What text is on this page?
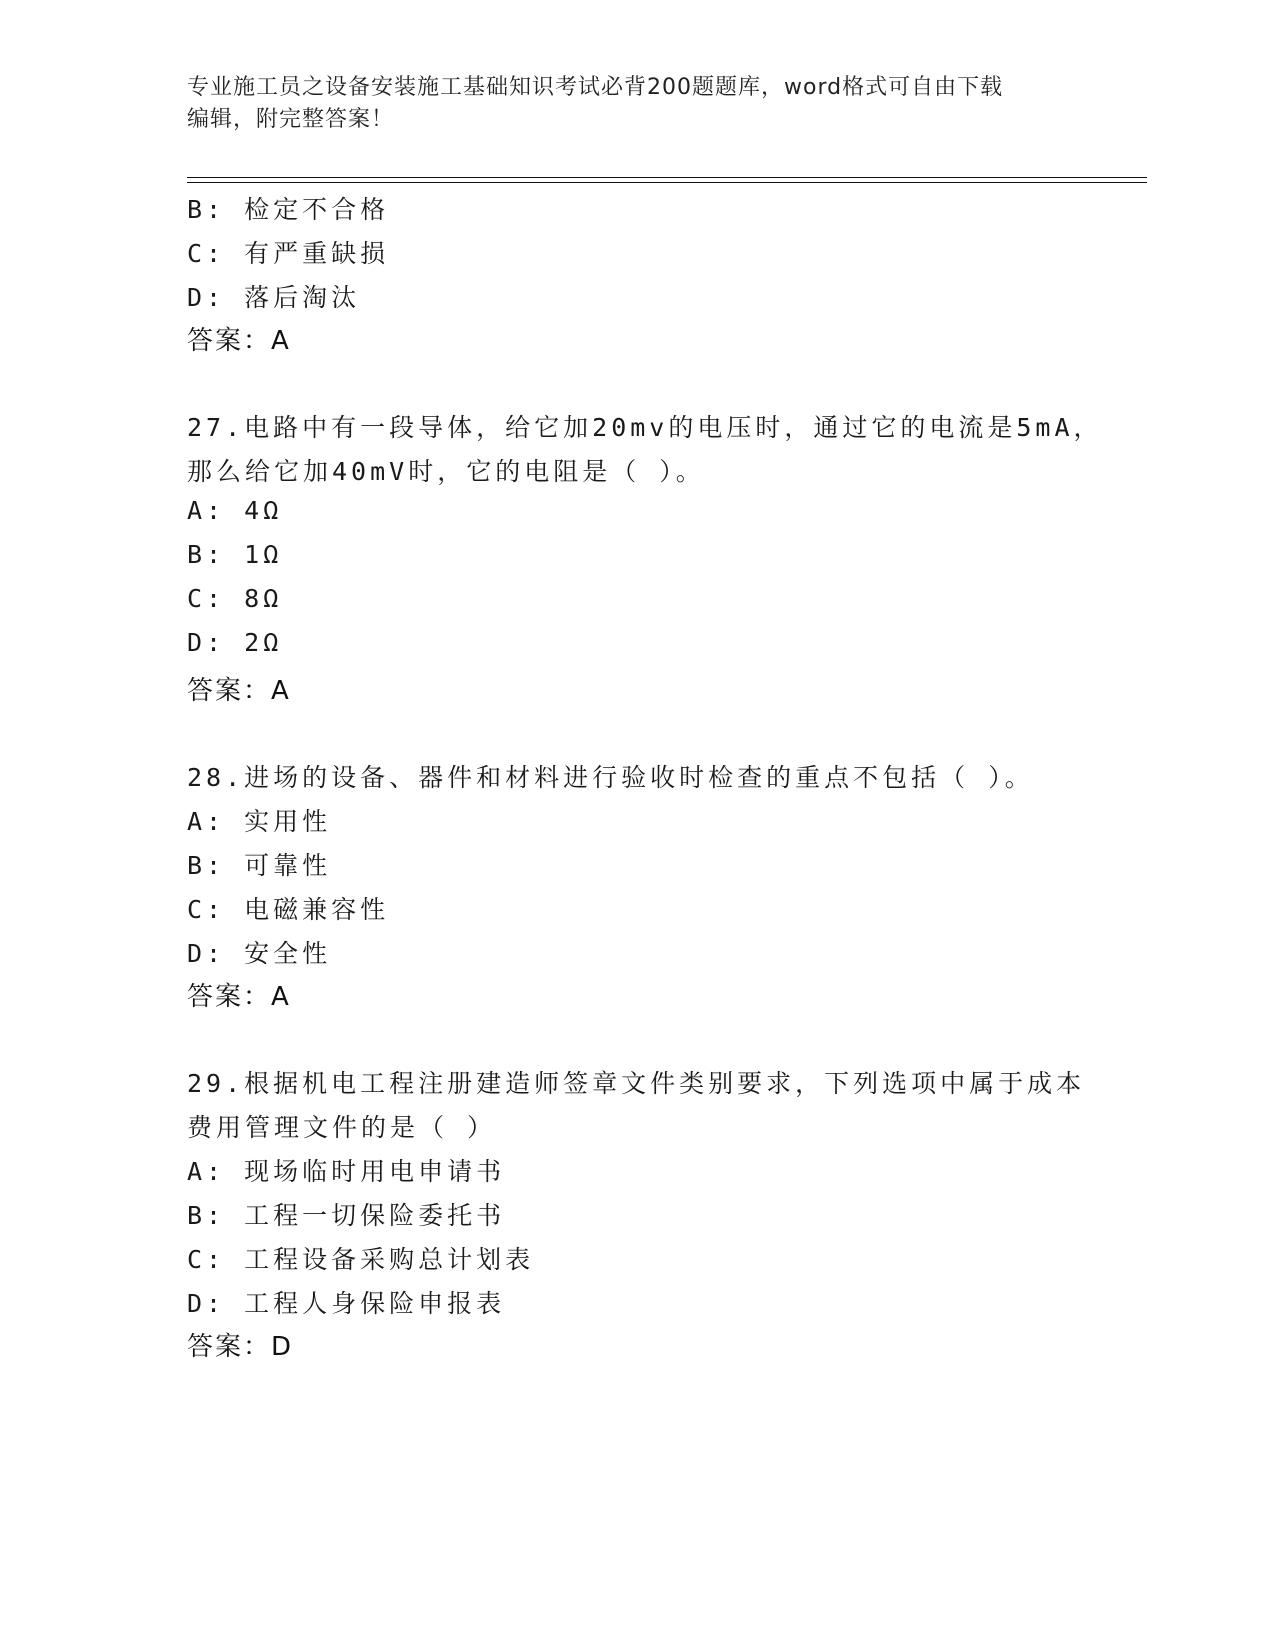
专业施工员之设备安装施工基础知识考试必背200题题库，word格式可自由下载
编辑，附完整答案！
B: 检定不合格
C: 有严重缺损
D: 落后淘汰
答案：A
27.电路中有一段导体，给它加20mv的电压时，通过它的电流是5mA，
那么给它加40mV时，它的电阻是（ ）。
A: 4Ω
B: 1Ω
C: 8Ω
D: 2Ω
答案：A
28.进场的设备、器件和材料进行验收时检查的重点不包括（ ）。
A: 实用性
B: 可靠性
C: 电磁兼容性
D: 安全性
答案：A
29.根据机电工程注册建造师签章文件类别要求，下列选项中属于成本
费用管理文件的是（ ）
A: 现场临时用电申请书
B: 工程一切保险委托书
C: 工程设备采购总计划表
D: 工程人身保险申报表
答案：D
